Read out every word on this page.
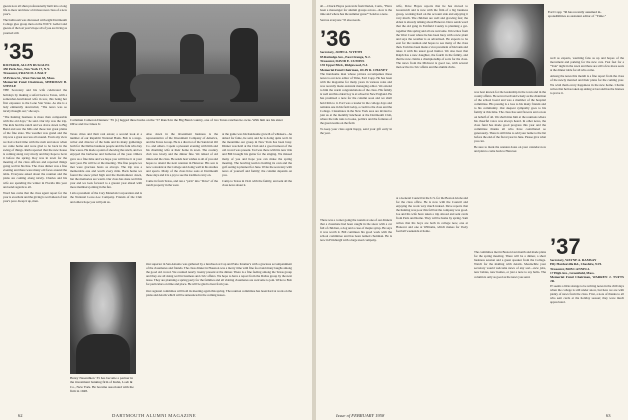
guests now all shun professionally built into a long life to mow and mow a bit more near class of a new year's.
The bathroom was discussed with eight Dartmouth College glee group men on the Will Y. Gellert and guests of the lost year's hope all of you are living as yearned still.
’35
RICHARD, ALLEN RUGGLES
450 Park Ave., New York 17, N.Y.
Treasurer, FRANCIS J. BALT
35 Prince St., West Newton 65, Mass.
Memorial Fund Chairman, SHERMAN B. STEELE
THE Secretary and his wife celebrated the holidays by making a safari back to Texas, with a somewhat-bewildered wife in tow, this being her first exposure to the Lone Star State. As she is a lady eminently downwind, "The news was so nicely thought out," she says.
"The hunting business is more than comparable with the old days," he said. Our trip was the trip. The kids had the ranch and we drove down to Big Bend and saw the hills and those last great plains of the fine state. The weather was grand and the trip was a great success all around. From any view we had a hard time with the rush and snow when we came home and were glad to be back in the swing of things. Ruth reported that the new house is coming along very nicely and they hope to be in it before the spring. Roy was in town for the meeting of the class officers and reported things going well in his line. The class dinner was a fine evening and there were many old faces around the table. Everyone asked about the reunion and the plans are coming along nicely. Charles and his wife are spending the winter in Florida this year and send regards to all.
Word has come that the class agent report for the year is excellent and the giving is well ahead of last year's pace. Keep it up, men.
Carlsmun Cameron Dennew ’35 (r.) lugged three bucks on the ’57 Ranch in the Big Bend country, one of two Texas ranches he owns. With him are his sister Olive and Joe Likes Jr.
Texas cities and their real estate; a second look at a number of our Republic National Bank. Bob is a stage-writer and director of the bank and its many gatherings both for the Dallas business people and the folk who buy fine wares. He made a point of showing the ranch, and we enjoyed the barbecue and barbecue of the year. Others gave us a fine time and we hope you will have it at your next year. He will be at the meeting. The fine people we met were gracious hosts as always. The trip was a memorable one and worth every mile. Back home we found the snow piled high and the thermometer down, but the memories are warm. Our class has done well this year and we look forward to a greater year ahead with more members joining in the fun.
I am a president of the Cary Materials Corporation and is the National Lowe-Loe Company. Friends of the Club and others hope you will join us.
Also down in the investment business is the representative of the Investment Company of America, and the Texas Group. He is a director of the Sandoval Oil Co. and others. I spent a pleasant evening with him and his charming wife at their home in town. The country club was lovely and the dinner fine. We talked of old times and the class. He sends best wishes to all of you and hopes to attend the next reunion in Hanover. His son is now a student at the College and doing well in his studies and sports. Many of the class have sons at Dartmouth these days and it is a joy to see the tradition carry on.
Came in from Texas, and ran a "pick" into "Dave" of the ranch property in the west.
at the game was his handsome growth of whiskers—he aimed for fame, he said, and he is doing quite well. In the meantime our group in New York has been busy. Dinner was held at the Club and a good turnout of the old crowd was present. Ted was there with his new title and Bill brought his guitar for the singing. We missed many of you and hope you can make the spring meeting. The bowling team is holding its own and the golf outing is planned for June. Write the secretary with news of yourself and family; the column depends on you.
Camp to Texas in 1941 with the family, and sent all the class news about it.
Henry Nesenthien ’35 has become a partner in the investment banking firm of Kuhn, Loeb & Co., New York. He became associated with the firm in 1948.
Our superior in San Antonio was gathered by a luncheon at Cap and Patio Kramer's with a gracious accompaniment of the classmates and friends. The class dinner in Houston was a merry time with fine food and many laughs among the good old crowd. We counted nearly twenty present at the dinner. There is a fine feeling among the Texas group and they are all doing well in business and civic affairs. We hope to have a report from the Dallas group by the next issue. They are planning a spring party for the families and all visiting classmates are welcome to join. Write to Bob for particulars on time and place. He will be glad to hear from you.
Our regional committee will hold its meeting again this spring. The reunion committee has been hard at work on the plans and details which will be announced in the coming issues.
62	DARTMOUTH ALUMNI MAGAZINE
all.—Chuck Hayes postcards from Darien, Conn., "Have been a messenger for alumni groups across—how is the time and where has the summer gone?" Send us a note.
Sent us everyone ’35 also needs.
’36
Secretary, JOHN A. WYETH
85 Rutledge Ave., East Orange, N.J.
Treasurer, DAVID E. CUMINS
135 Upper Blvd., Ridgewood, N.J.
Memorial Fund Chairman, OLIN R. CHANEY
The handsome man whose picture accompanies these notes is our new editor of Time, Earl Copp. He has been with the magazine for many years in various roles and was recently made assistant managing editor. We extend to him the warm congratulations of the class. His family is well and his oldest boy is at school in New England. He has promised a note for the column soon and we shall hold him to it. Earl was a leader in the college days and remains one in his field today, a credit to the class and the College. Classmates in the New York area are invited to join us at the monthly luncheon at the Dartmouth Club, where the talk runs to books, politics and the fortunes of the green teams on the field.
To keep your class agent happy, send your gift early in the year.
wife, Dave Hayes reports that he has moved to Greenwich and is now with the firm of a big business group, working hard on the account side and enjoying it very much. The children are well and growing fast; the eldest is already talking about Hanover. Dave sends word that the old gang in Fairfield County is planning a get-together this spring and all are welcome. Jim writes from the West Coast where he has been busy with a new plant and says the weather is as advertised. He expects to be east for the reunion and hopes to see many of the class then. Tom has been made a vice president of his bank and takes it with his usual good humor. We also hear that Ralph has a new daughter, the fourth in the family, and that he now claims a championship of sorts for the class. The news from the Midwest is good too, with several men active in civic affairs and the alumni clubs.
Earl Copp ’36 has recently assumed in- sponsibilities as assistant editor of “Time.”
was best known for the leadership in the town and in the county affairs. He served well and wisely as the chairman of the school board and was a member of the hospital committee. His passing is a loss to his many friends and to his community. Our deepest sympathy goes to his family at this time. The class has sent flowers and a note on behalf of all. We shall miss him at the reunions where his cheerful voice was always heard. In other news, the class fund has made good progress this year and the committee thanks all who have contributed so generously. There is still time to add your name to the list before the end of the fiscal year in June. Please give what you can.
Be sure to mark the reunion dates on your calendar now and plan to come back to Hanover.
well as experts, warming fans as up and hopes of the movement and parking for the new cars. Fast feet for a "Yale" night in the town and there are still a few more seats at the dinner table for all who come.
Among the notes this month is a fine report from the class of the newly married and their plans for the coming year. We wish them every happiness in the new home. Charlie writes that he has taken up skiing at last and has the bruises to prove it.
’37
Secretary, WAYNE A. RAMSAY
Elly Hardeeville Rd., Cheshire, N.H.
Treasurer, BOB CANNELL
17 High Ave., Greenfield, Mass.
Memorial Fund Chairman, WARREN J. TUFTS JR.
IT seems a little strange to be writing notes in the chill days when the college is still under snow, but here we are with plenty of news from the class. First, a note of thanks to all who sent cards at the holiday season; they were much appreciated.
There was a corner going the rounds at one of our dinners that a classmate had been caught in the snow with a car full of children, a dog and a case of maple syrup. He says it was worth it. Bill continues his good work with the school committee and has been named chairman. He is now in Pittsburgh with a large steel company.
at a General Council in the U.S. for the Boston Globe and for the class office. He is now with the Council and enjoying the work very much indeed. Dave reports that the hunting was poor this fall but the company was good. Joe and his wife have taken a trip abroad and sent cards from Paris and Rome. They will be home by spring. Sam writes that his boys are both in college now, one at Hanover and one at Williams, which makes for lively football weekends at home.
The committee met in Boston last month and made plans for the spring meeting. There will be a dinner, a short business session and a guest speaker from the College. Watch for the mailing with details. Meanwhile your secretary would welcome news of any sort—new jobs, new babies, new homes, or just a note to say hello. The column is only as good as the news you send.
Issue of FEBRUARY 1958	63
